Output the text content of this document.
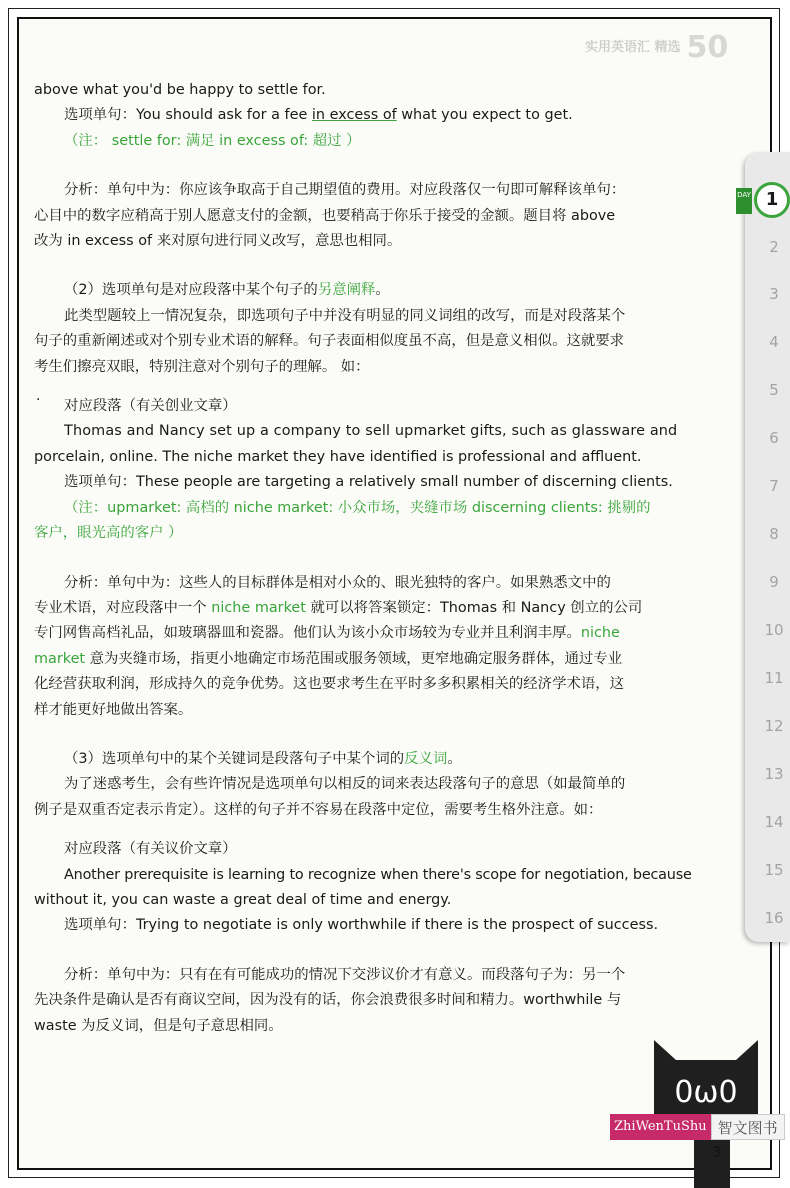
实用英语汇 精选 50
DAY 1
2
3
4
5
6
7
8
9
10
11
12
13
14
15
16

above what you'd be happy to settle for.

选项单句：You should ask for a fee in excess of what you expect to get.

（注： settle for: 满足 in excess of: 超过 ）

分析：单句中为：你应该争取高于自己期望值的费用。对应段落仅一句即可解释该单句：

心目中的数字应稍高于别人愿意支付的金额，也要稍高于你乐于接受的金额。题目将 above

改为 in excess of 来对原句进行同义改写，意思也相同。

（2）选项单句是对应段落中某个句子的另意阐释。

此类型题较上一情况复杂，即选项句子中并没有明显的同义词组的改写，而是对段落某个

句子的重新阐述或对个别专业术语的解释。句子表面相似度虽不高，但是意义相似。这就要求

考生们擦亮双眼，特别注意对个别句子的理解。 如：

· 对应段落（有关创业文章）

Thomas and Nancy set up a company to sell upmarket gifts, such as glassware and

porcelain, online. The niche market they have identified is professional and affluent.

选项单句：These people are targeting a relatively small number of discerning clients.

（注：upmarket: 高档的 niche market: 小众市场，夹缝市场 discerning clients: 挑剔的

客户，眼光高的客户 ）

分析：单句中为：这些人的目标群体是相对小众的、眼光独特的客户。如果熟悉文中的

专业术语，对应段落中一个 niche market 就可以将答案锁定：Thomas 和 Nancy 创立的公司

专门网售高档礼品，如玻璃器皿和瓷器。他们认为该小众市场较为专业并且利润丰厚。niche

market 意为夹缝市场，指更小地确定市场范围或服务领域，更窄地确定服务群体，通过专业

化经营获取利润，形成持久的竞争优势。这也要求考生在平时多多积累相关的经济学术语，这

样才能更好地做出答案。

（3）选项单句中的某个关键词是段落句子中某个词的反义词。

为了迷惑考生，会有些许情况是选项单句以相反的词来表达段落句子的意思（如最简单的

例子是双重否定表示肯定）。这样的句子并不容易在段落中定位，需要考生格外注意。如：

对应段落（有关议价文章）

Another prerequisite is learning to recognize when there's scope for negotiation, because

without it, you can waste a great deal of time and energy.

选项单句：Trying to negotiate is only worthwhile if there is the prospect of success.

分析：单句中为：只有在有可能成功的情况下交涉议价才有意义。而段落句子为：另一个

先决条件是确认是否有商议空间，因为没有的话，你会浪费很多时间和精力。worthwhile 与

waste 为反义词，但是句子意思相同。

0ω0
ZhiWenTuShu 智文图书
3
